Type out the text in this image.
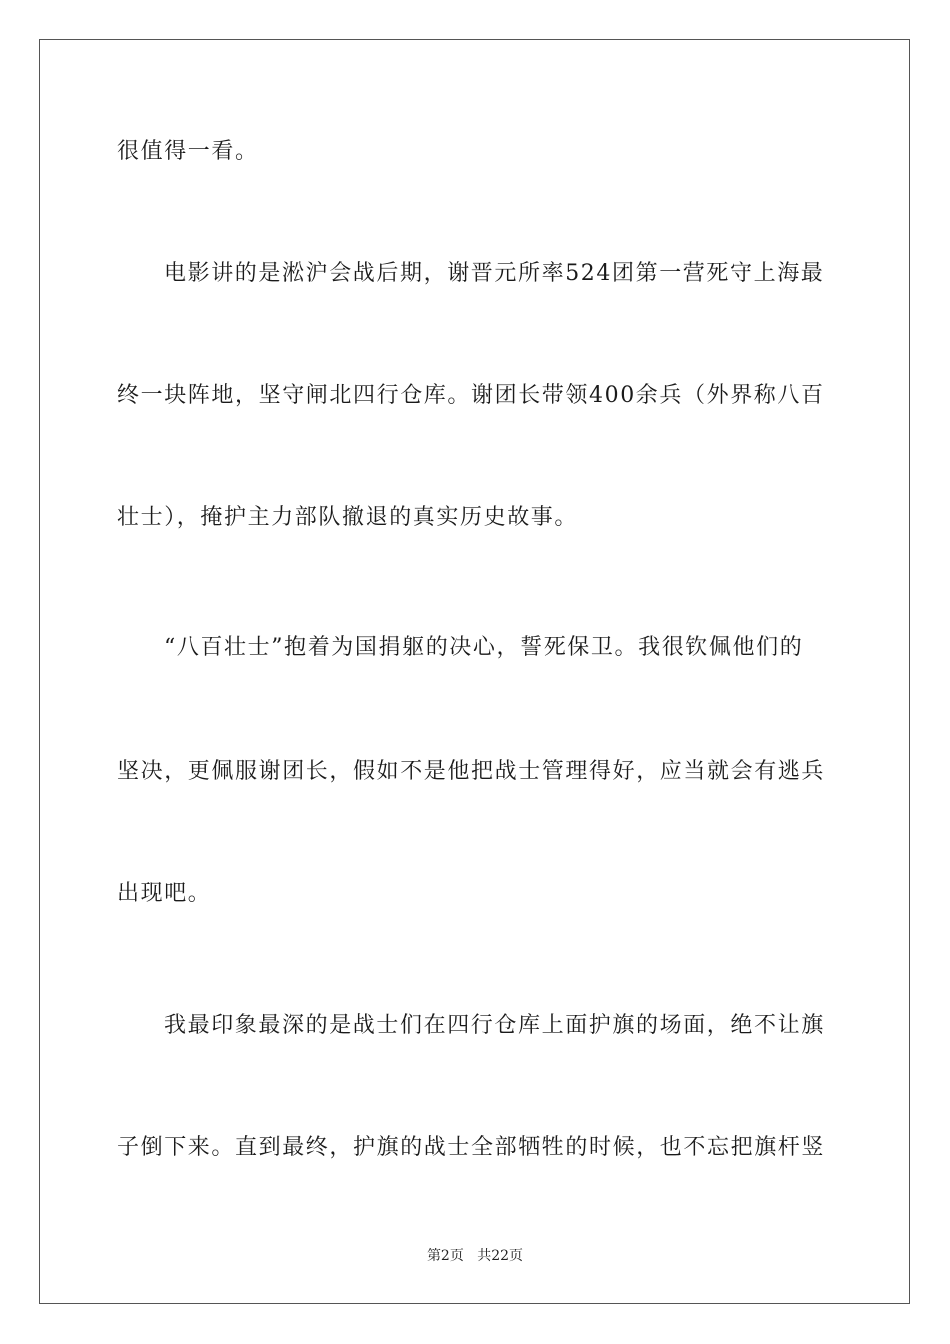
很值得一看。
电影讲的是淞沪会战后期，谢晋元所率524团第一营死守上海最
终一块阵地，坚守闸北四行仓库。谢团长带领400余兵（外界称八百
壮士），掩护主力部队撤退的真实历史故事。
“八百壮士”抱着为国捐躯的决心，誓死保卫。我很钦佩他们的
坚决，更佩服谢团长，假如不是他把战士管理得好，应当就会有逃兵
出现吧。
我最印象最深的是战士们在四行仓库上面护旗的场面，绝不让旗
子倒下来。直到最终，护旗的战士全部牺牲的时候，也不忘把旗杆竖
第2页 共22页
